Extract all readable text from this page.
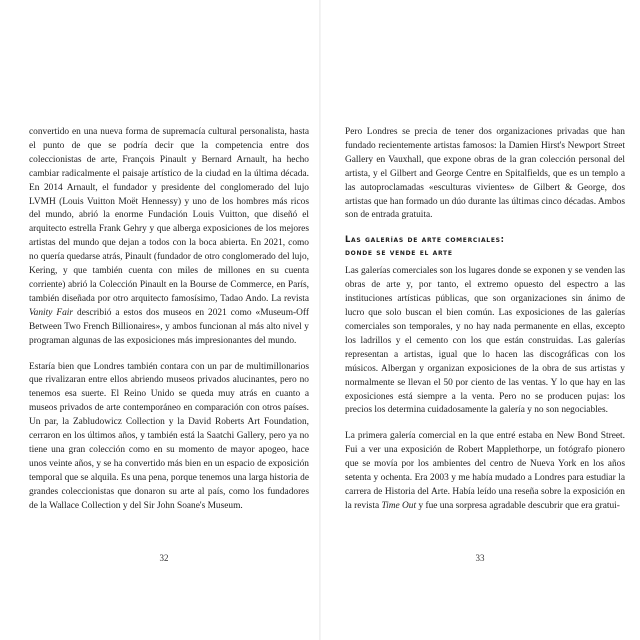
convertido en una nueva forma de supremacía cultural personalista, hasta el punto de que se podría decir que la competencia entre dos coleccionistas de arte, François Pinault y Bernard Arnault, ha hecho cambiar radicalmente el paisaje artístico de la ciudad en la última década. En 2014 Arnault, el fundador y presidente del conglomerado del lujo LVMH (Louis Vuitton Moët Hennessy) y uno de los hombres más ricos del mundo, abrió la enorme Fundación Louis Vuitton, que diseñó el arquitecto estrella Frank Gehry y que alberga exposiciones de los mejores artistas del mundo que dejan a todos con la boca abierta. En 2021, como no quería quedarse atrás, Pinault (fundador de otro conglomerado del lujo, Kering, y que también cuenta con miles de millones en su cuenta corriente) abrió la Colección Pinault en la Bourse de Commerce, en París, también diseñada por otro arquitecto famosísimo, Tadao Ando. La revista Vanity Fair describió a estos dos museos en 2021 como «Museum-Off Between Two French Billionaires», y ambos funcionan al más alto nivel y programan algunas de las exposiciones más impresionantes del mundo.

Estaría bien que Londres también contara con un par de multimillonarios que rivalizaran entre ellos abriendo museos privados alucinantes, pero no tenemos esa suerte. El Reino Unido se queda muy atrás en cuanto a museos privados de arte contemporáneo en comparación con otros países. Un par, la Zabludowicz Collection y la David Roberts Art Foundation, cerraron en los últimos años, y también está la Saatchi Gallery, pero ya no tiene una gran colección como en su momento de mayor apogeo, hace unos veinte años, y se ha convertido más bien en un espacio de exposición temporal que se alquila. Es una pena, porque tenemos una larga historia de grandes coleccionistas que donaron su arte al país, como los fundadores de la Wallace Collection y del Sir John Soane's Museum.

32

Pero Londres se precia de tener dos organizaciones privadas que han fundado recientemente artistas famosos: la Damien Hirst's Newport Street Gallery en Vauxhall, que expone obras de la gran colección personal del artista, y el Gilbert and George Centre en Spitalfields, que es un templo a las autoproclamadas «esculturas vivientes» de Gilbert & George, dos artistas que han formado un dúo durante las últimas cinco décadas. Ambos son de entrada gratuita.

Las galerías de arte comerciales:
donde se vende el arte

Las galerías comerciales son los lugares donde se exponen y se venden las obras de arte y, por tanto, el extremo opuesto del espectro a las instituciones artísticas públicas, que son organizaciones sin ánimo de lucro que solo buscan el bien común. Las exposiciones de las galerías comerciales son temporales, y no hay nada permanente en ellas, excepto los ladrillos y el cemento con los que están construidas. Las galerías representan a artistas, igual que lo hacen las discográficas con los músicos. Albergan y organizan exposiciones de la obra de sus artistas y normalmente se llevan el 50 por ciento de las ventas. Y lo que hay en las exposiciones está siempre a la venta. Pero no se producen pujas: los precios los determina cuidadosamente la galería y no son negociables.

La primera galería comercial en la que entré estaba en New Bond Street. Fui a ver una exposición de Robert Mapplethorpe, un fotógrafo pionero que se movía por los ambientes del centro de Nueva York en los años setenta y ochenta. Era 2003 y me había mudado a Londres para estudiar la carrera de Historia del Arte. Había leído una reseña sobre la exposición en la revista Time Out y fue una sorpresa agradable descubrir que era gratui-

33
